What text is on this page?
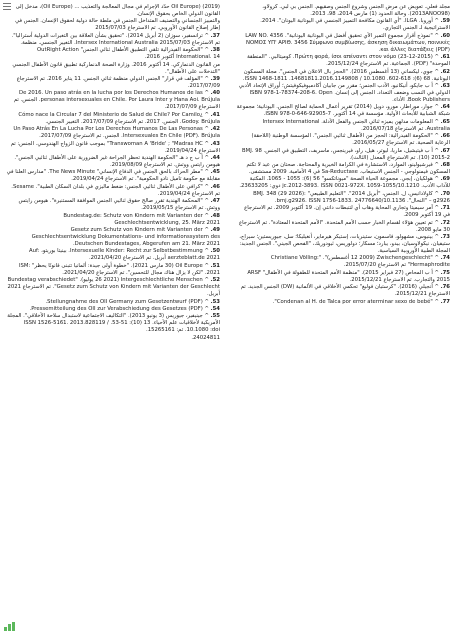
Oil Europe) (2019) حدّد الإجرام في مجال المعالجة والتعذيب ... (Oil Europe)، مدخل إلى القانون الدولي الخاص بحقوق الإنسان.

والتمييز الجنساني والتصنيف المتداخل الجنس في ملطة حالة دولية لحقوق الإنسان. الجنس في إطار إصلاح القانون الأوروبي. تم الاسترجاع 2015/07/03

37. ^ ترانسفير، سوزان (2 أبريل 2014). "تحقيق بشأن العلاقة بين التغيرات الدولية أستراليا". تم الاسترجاع 2015/07/03 Intersex International Australia. التغيير الجنسي. منظمة.

38. ^ "الحكومة الفيدرالية تلقي التطبيق الأطفال ثنائي الجنس" OutRight Action International. 14 أكتوبر 2016.

من القانون الدنماركي. 14 أكتوبر 2016. وزارة الصحة الدنماركية تطبيق قانون الأطفال الجنسي "التدخلات على الأطفال".

39. ^ "المؤلف في قرار" الجنس الدولي منظمة ثنائي الجنس. 11 يناير 2016. تم الاسترجاع 2017/07/09.

40. ^ De 2016. Un paso atrás en la lucha por los Derechos Humanos de las personas intersexuales en Chile. Por Laura Inter y Hana Aoi. Brújula. الجنس. تم الاسترجاع 2017/07/09.

41. ^ ¿Cómo nace la Circular 7 del Ministerio de Salud de Chile? Por Camilo Godoy. Brújula. الجنس. 2017. تم الاسترجاع 2017/07/09. التغيير الجنسي.

42. ^ Un Paso Atrás En La Lucha Por Los Derechos Humanos De Las Personas Intersexuales En Chile (PDF). Brújula. الجنس. تم الاسترجاع 2017/07/09.

43. ^ Transwoman A 'Bride' ; "Madras HC" بموجب قانون الزواج الهندوسي. الجنس: تم الاسترجاع 2019/04/24.

44. ^ أ ب ج د هـ "الحكومة الهندية تحظر الجراحة غير الضرورية على الأطفال ثنائيي الجنس". هيومن رايتس ووتش. تم الاسترجاع 2019/08/09.

45. ^ "مطر الحراك بالحق الجنس في الدفاع الإنساني" The News Minute. "مدارس العلنا في مقابلة مع حكومة تاميل نادو الحكومية". تم الاسترجاع 2019/04/24.

46. ^ "كرافي على الأطفال ثنائيي الجنس: ضغط ماليزي في بلدان السكان الطبية". Sesame. تم الاسترجاع 2019/04/24.

47. ^ "المحكمة الهندية تقرر صالح حقوق ثنائيي الجنس الموافقة المستنيرة". هيومن رايتس ووتش. تم الاسترجاع 2019/05/15.

48. ^ Bundestag.de: Schutz von Kindern mit Varianten der Geschlechtsentwicklung, 25. März 2021

49. ^ Gesetz zum Schutz von Kindern mit Varianten der Geschlechtsentwicklung Dokumentations- und informationssystem des Deutschen Bundestages, Abgerufen am 21. März 2021.

50. ^ Intersexuelle Kinder: Recht zur Selbstbestimmung. بينيتا بوريتو، Auf: aerzteblatt.de 2021 أبريل. تم الاسترجاع 2021/04/20.

51. ^ Oil Europe (30 مارس 2021). "خطوة أولى جيدة: ألمانيا تتبنى قانونًا يحظر" ISM: 2021. "لكن لا يزال هناك مجال للتحسين". تم الاسترجاع 2021/04/20.

52. ^ Intergeschlechtliche Menschen (26 2021 يوليو). "Bundestag verabschiedet Gesetz zum Schutz von Kindern mit Varianten der Geschlecht". تم الاسترجاع 2021 أبريل.

53. ^ Stellungnahme des OII Germany zum Gesetzentwurf (PDF).

54. ^ Pressemitteilung des OII zur Verabschiedung des Gesetzes (PDF).

55. ^ جينيفير، جيوريس (3 يونيو 2013). "التكاليف الاجتماعية لاستبدال سلاحة الأخلاقي". المجلة الأمريكية لأخلاقيات علم الأحياء. 13 (10): 51-53. ISSN 1526-5161. 2013.828119 / 10.1080 :doi. تم: 15265161.

24024811.

مجلد فعلي. تعويض عن مرض الجنس وشروع الجنس وصقيهم. الجنس بي لبي. كرولاو، (2013ANOO98). وحالة الحدود (1) مارس 2014، 98، 2013.

59. ^ أوروبا. ILGA. "أي القانون مكافحة التمييز الجنسي في اليونانية اليونان". 2014. الاستراتيجية لـ الجنس التجاري.

60. ^ "نموذج أقرار مجموع التمير الأي تحقيق أفضل في اليونانية اليونانية". LAW NO. 4356 ΝΟΜΟΣ ΥΠ' ΑΡΙΘ. 3456 Σύμφωνο συμβίωσης, άσκηση δικαιωμάτων, ποινικές και άλλες διατάξεις (PDF).

61. ^ Πρώτη φορά, ίσοι απέναντι στον νόμο (23-12-2015). كوميتالبي. "المنطقة الموحدة" (PDF). الجماعية. تم الاسترجاع 2015/12/24.

62. ^ جوي، ليكساني (13 أغسطس 2016). "الحجز بال الاعلان في الجنس". مجلة المسكون اليونانية. 68 (6): 618-602. 10.1080 / 14681811.2016.1149808. ISSN 1468-1811.

63. ^ أ ب جايكو، أنيكانيو، الأدب الجنس؛ مقرر من جابيان أكادميوفيكوفيتش؛ أوراق الإتحاد الأدبي الدولي في النسب وضعف التعداد. الجنس إلى إنسان. ISBN 978-1-78374-208-6. Open Book Publishers. الأداء.

64. ^ جوار، موراطار، مورو، دويل (2014) تقرير أعمال الحماية لصالح الجنس. اليونانية؛ مجموعة شبكة الشبابية للأبحاث الأولية. مؤسسة في 14 أكتوبر. ISBN 978-0-646-92905-7.

65. ^ المعلومات مدلهن يميزه ثنائي الجنس والفعل الأدلة. Intersex International Australia. تم الاسترجاع 2016/07/18.

66. ^ "الحكومة الفيدرالية: الحجز من الأطفال ثنائيي الجنس". المؤسسة الوطنية (اللاحقة) الرعاية الصحية. تم الاسترجاع 2016/05/27.

67. ^ أ ب فيتيشيل، ماريا، ليوتر، هيل، راو، فيرينجس، ماسريف، التطبيق في الجنس. BMJ. 98 (10) 2015-2. تم الاسترجاع المعدل (الثالث).

68. ^ فيرشيولينو، الموارد، الاستشارة في الكرامة الخيرية والمحتاجة. صحتان من عيد لا تكتم المسكون فيمنولوجي - الجنس الاستيعاب. Sa-Reductase في 4 الأمامية. 2009 مستشفى.

69. ^ هولكيان، إبجي. مجموعة الحياة الصحة "ميوناتكسو" 56 (6): 1055 - 1065. المكتبة للآداب الأدب. 10.1210/jc.2012-3893. ISSN 0021-972X. 1059-1055 دوي: 23633205.

70. ^ كاولادانيس، ل. الجنس، "أبريل 2014". "التعليم الطبيعي" BMJ. 348 (29 2026): g2926 – "النحال". 10.1136/bmj.g2926. ISSN 1756-1833. 24776640.

71. ^ آمر سيميتا وتجاري المحاية وهاب أي لتنبطات دانتي إن. 19 أكتوبر 2009. تم الاسترجاع في 19 أكتوبر 2009.

72. ^ تم تعيين هؤلاء لقسام الخبار حسب الأمم المتحدة. "الأمم المتحدة المعتادة". تم الاسترجاع 30 مايو 2008.

73. ^ بينيوس، مشهولو، فاسمون، ستينريات، إستيكر هيرماير، أنغيليكا؛ سل، جيوريستين؛ سيراج، ستيفيان، نيكولاوسيان، بيدو، يبارد؛ مسكار؛ دولوريس، ثيودوريك، "الفحص الجيني". الجنس الجديد: المجلة الطبية الأوروبية السياسية.

74. ^ "Zwischengeschlecht (12 2009 أغسطس)". "Christiane Völling: Hermaphrodite" تم الاسترجاع 2015/07/20.

75. ^ أ ب المحاص (27 فبراير 2015). "منظمة الأمم المتحدة للطفولة في الأطفال" ARSF 2015 والتجارب. تم الاسترجاع 2015/12/21.

76. ^ أنجيلي (2016). "كرستيان فوليغ" تحكمي الأخلاقي في الألمانية (DW) الجنس الجديد. تم الاسترجاع 2015/12/21.

77. ^ "Condenan al H. de Talca por error aterminar sexo de bebé".
